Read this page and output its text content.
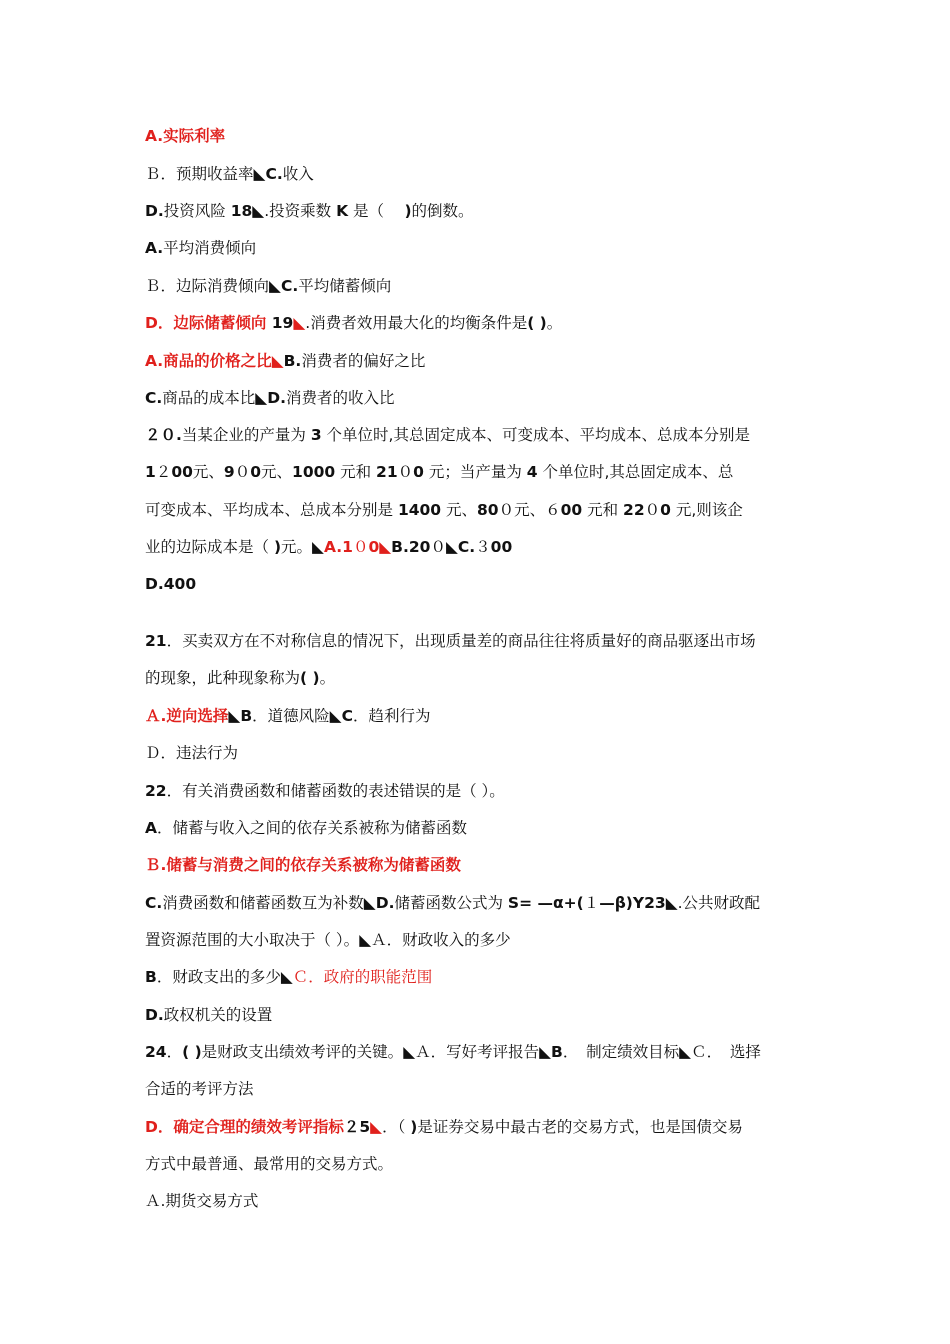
A.实际利率
Ｂ．预期收益率◣C.收入
D.投资风险 18◣.投资乘数 K 是（　 )的倒数。
A.平均消费倾向
Ｂ．边际消费倾向◣C.平均储蓄倾向
D．边际储蓄倾向 19◣.消费者效用最大化的均衡条件是( )。
A.商品的价格之比◣B.消费者的偏好之比
C.商品的成本比◣D.消费者的收入比
２０.当某企业的产量为 3 个单位时,其总固定成本、可变成本、平均成本、总成本分别是
1２00元、9０0元、1000 元和 21０0 元；当产量为 4 个单位时,其总固定成本、总
可变成本、平均成本、总成本分别是 1400 元、80０元、６00 元和 22０0 元,则该企
业的边际成本是（ )元。◣A.1０0◣B.20０◣C.３00
D.400
21．买卖双方在不对称信息的情况下，出现质量差的商品往往将质量好的商品驱逐出市场
的现象，此种现象称为( )。
Ａ.逆向选择◣B．道德风险◣C．趋利行为
Ｄ．违法行为
22．有关消费函数和储蓄函数的表述错误的是（ ）。
A．储蓄与收入之间的依存关系被称为储蓄函数
Ｂ.储蓄与消费之间的依存关系被称为储蓄函数
C.消费函数和储蓄函数互为补数◣D.储蓄函数公式为 S= —α+(１—β)Y23◣.公共财政配
置资源范围的大小取决于（ ）。◣Ａ．财政收入的多少
B．财政支出的多少◣Ｃ．政府的职能范围
D.政权机关的设置
24．( )是财政支出绩效考评的关键。◣Ａ．写好考评报告◣B．　制定绩效目标◣Ｃ．　选择
合适的考评方法
D．确定合理的绩效考评指标２5◣．（ )是证券交易中最古老的交易方式，也是国债交易
方式中最普通、最常用的交易方式。
Ａ.期货交易方式
